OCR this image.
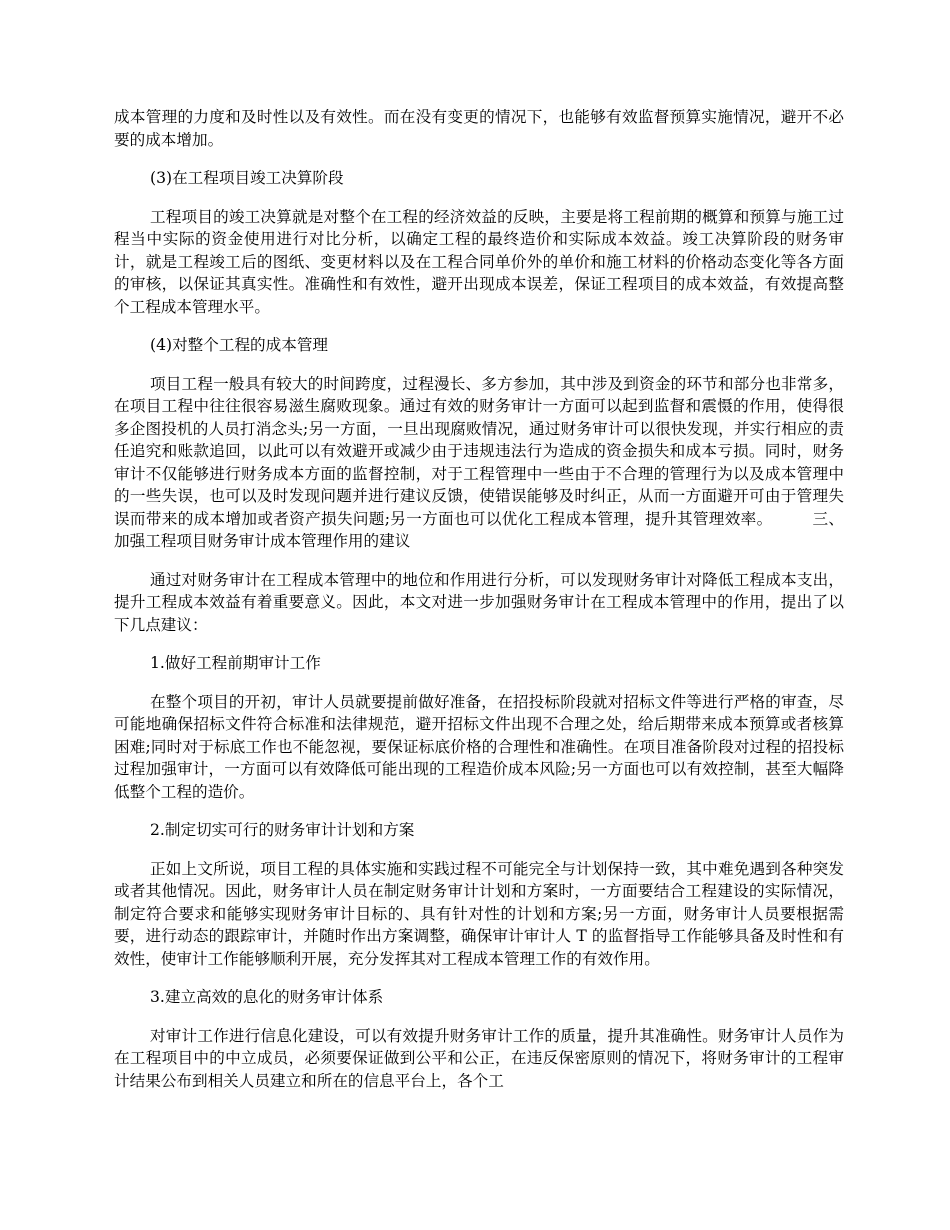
成本管理的力度和及时性以及有效性。而在没有变更的情况下，也能够有效监督预算实施情况，避开不必要的成本增加。

(3)在工程项目竣工决算阶段

工程项目的竣工决算就是对整个在工程的经济效益的反映，主要是将工程前期的概算和预算与施工过程当中实际的资金使用进行对比分析，以确定工程的最终造价和实际成本效益。竣工决算阶段的财务审计，就是工程竣工后的图纸、变更材料以及在工程合同单价外的单价和施工材料的价格动态变化等各方面的审核，以保证其真实性。准确性和有效性，避开出现成本误差，保证工程项目的成本效益，有效提高整个工程成本管理水平。

(4)对整个工程的成本管理

项目工程一般具有较大的时间跨度，过程漫长、多方参加，其中涉及到资金的环节和部分也非常多，在项目工程中往往很容易滋生腐败现象。通过有效的财务审计一方面可以起到监督和震慑的作用，使得很多企图投机的人员打消念头;另一方面，一旦出现腐败情况，通过财务审计可以很快发现，并实行相应的责任追究和账款追回，以此可以有效避开或减少由于违规违法行为造成的资金损失和成本亏损。同时，财务审计不仅能够进行财务成本方面的监督控制，对于工程管理中一些由于不合理的管理行为以及成本管理中的一些失误，也可以及时发现问题并进行建议反馈，使错误能够及时纠正，从而一方面避开可由于管理失误而带来的成本增加或者资产损失问题;另一方面也可以优化工程成本管理，提升其管理效率。　　　三、加强工程项目财务审计成本管理作用的建议

通过对财务审计在工程成本管理中的地位和作用进行分析，可以发现财务审计对降低工程成本支出，提升工程成本效益有着重要意义。因此，本文对进一步加强财务审计在工程成本管理中的作用，提出了以下几点建议：

1.做好工程前期审计工作

在整个项目的开初，审计人员就要提前做好准备，在招投标阶段就对招标文件等进行严格的审查，尽可能地确保招标文件符合标准和法律规范，避开招标文件出现不合理之处，给后期带来成本预算或者核算困难;同时对于标底工作也不能忽视，要保证标底价格的合理性和准确性。在项目准备阶段对过程的招投标过程加强审计，一方面可以有效降低可能出现的工程造价成本风险;另一方面也可以有效控制，甚至大幅降低整个工程的造价。

2.制定切实可行的财务审计计划和方案

正如上文所说，项目工程的具体实施和实践过程不可能完全与计划保持一致，其中难免遇到各种突发或者其他情况。因此，财务审计人员在制定财务审计计划和方案时，一方面要结合工程建设的实际情况，制定符合要求和能够实现财务审计目标的、具有针对性的计划和方案;另一方面，财务审计人员要根据需要，进行动态的跟踪审计，并随时作出方案调整，确保审计审计人 T 的监督指导工作能够具备及时性和有效性，使审计工作能够顺利开展，充分发挥其对工程成本管理工作的有效作用。

3.建立高效的息化的财务审计体系

对审计工作进行信息化建设，可以有效提升财务审计工作的质量，提升其准确性。财务审计人员作为在工程项目中的中立成员，必须要保证做到公平和公正，在违反保密原则的情况下，将财务审计的工程审计结果公布到相关人员建立和所在的信息平台上，各个工
